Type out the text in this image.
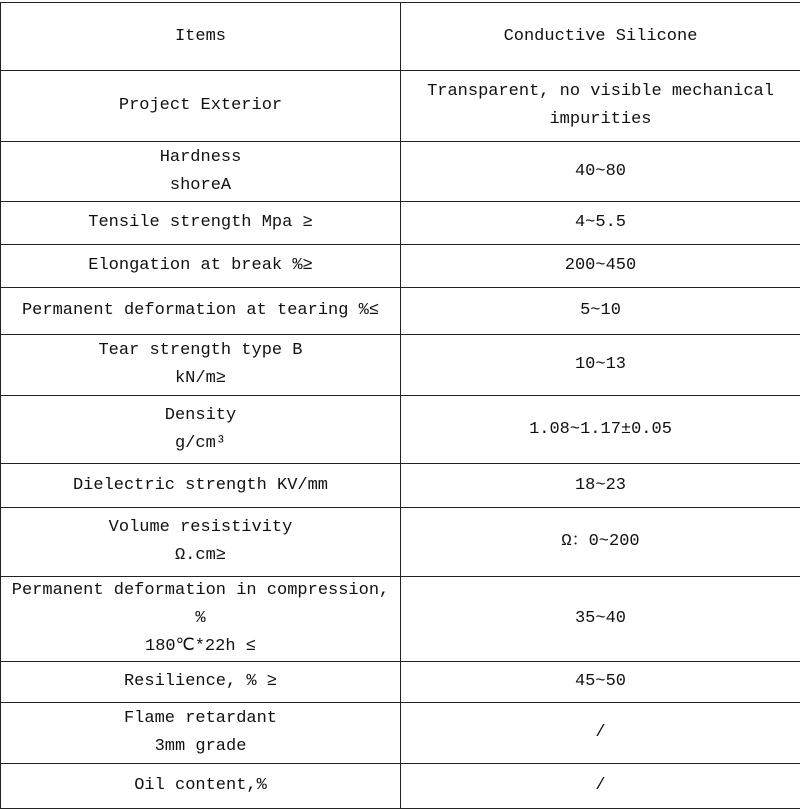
Items	Conductive Silicone
Project Exterior	Transparent, no visible mechanical
impurities
Hardness
shoreA	40~80
Tensile strength Mpa ≥	4~5.5
Elongation at break %≥	200~450
Permanent deformation at tearing %≤	5~10
Tear strength type B
kN/m≥	10~13
Density
g/cm³	1.08~1.17±0.05
Dielectric strength KV/mm	18~23
Volume resistivity
Ω.cm≥	Ω：0~200
Permanent deformation in compression, %
180℃*22h ≤	35~40
Resilience, % ≥	45~50
Flame retardant
3mm grade	/
Oil content,%	/
